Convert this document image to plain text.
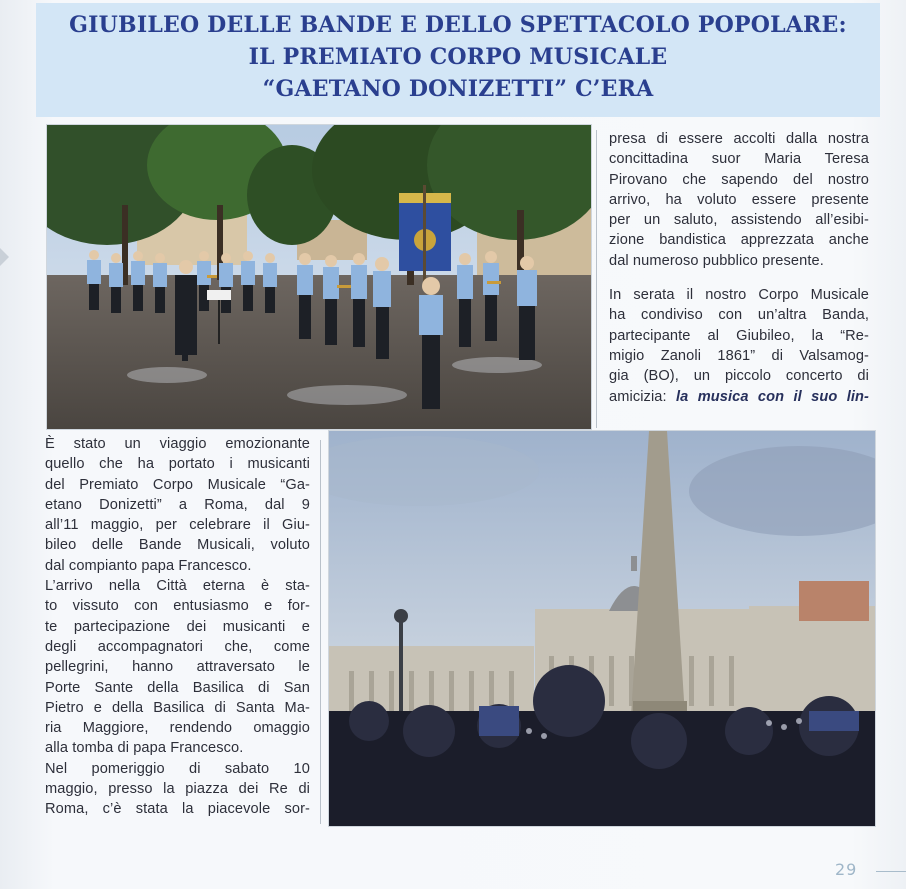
GIUBILEO DELLE BANDE E DELLO SPETTACOLO POPOLARE:
IL PREMIATO CORPO MUSICALE
“GAETANO DONIZETTI” C’ERA
presa di essere accolti dalla nostra
concittadina suor Maria Teresa
Pirovano che sapendo del nostro
arrivo, ha voluto essere presente
per un saluto, assistendo all’esibi-
zione bandistica apprezzata anche
dal numeroso pubblico presente.
In serata il nostro Corpo Musicale
ha condiviso con un’altra Banda,
partecipante al Giubileo, la “Re-
migio Zanoli 1861” di Valsamog-
gia (BO), un piccolo concerto di
amicizia: la musica con il suo lin-
È stato un viaggio emozionante
quello che ha portato i musicanti
del Premiato Corpo Musicale “Ga-
etano Donizetti” a Roma, dal 9
all’11 maggio, per celebrare il Giu-
bileo delle Bande Musicali, voluto
dal compianto papa Francesco.
L’arrivo nella Città eterna è sta-
to vissuto con entusiasmo e for-
te partecipazione dei musicanti e
degli accompagnatori che, come
pellegrini, hanno attraversato le
Porte Sante della Basilica di San
Pietro e della Basilica di Santa Ma-
ria Maggiore, rendendo omaggio
alla tomba di papa Francesco.
Nel pomeriggio di sabato 10
maggio, presso la piazza dei Re di
Roma, c’è stata la piacevole sor-
29
